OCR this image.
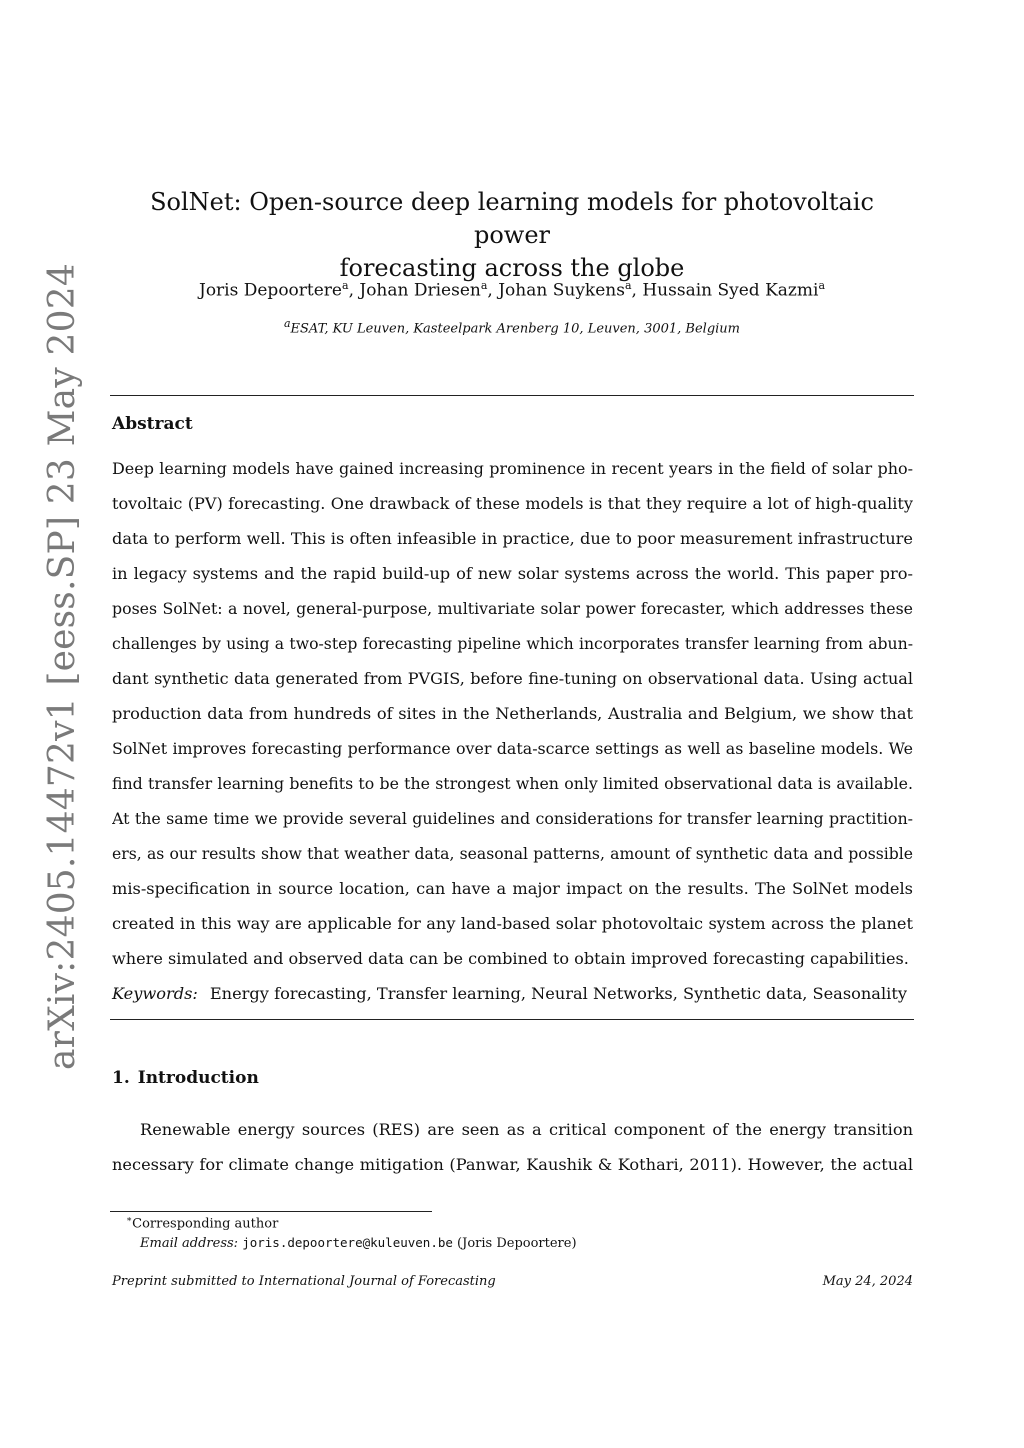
arXiv:2405.14472v1 [eess.SP] 23 May 2024
SolNet: Open-source deep learning models for photovoltaic power
forecasting across the globe
Joris Depoortere$^a$, Johan Driesen$^a$, Johan Suykens$^a$, Hussain Syed Kazmi$^a$
$^a$ESAT, KU Leuven, Kasteelpark Arenberg 10, Leuven, 3001, Belgium
Abstract
Deep learning models have gained increasing prominence in recent years in the field of solar pho-
tovoltaic (PV) forecasting. One drawback of these models is that they require a lot of high-quality
data to perform well. This is often infeasible in practice, due to poor measurement infrastructure
in legacy systems and the rapid build-up of new solar systems across the world. This paper pro-
poses SolNet: a novel, general-purpose, multivariate solar power forecaster, which addresses these
challenges by using a two-step forecasting pipeline which incorporates transfer learning from abun-
dant synthetic data generated from PVGIS, before fine-tuning on observational data. Using actual
production data from hundreds of sites in the Netherlands, Australia and Belgium, we show that
SolNet improves forecasting performance over data-scarce settings as well as baseline models. We
find transfer learning benefits to be the strongest when only limited observational data is available.
At the same time we provide several guidelines and considerations for transfer learning practition-
ers, as our results show that weather data, seasonal patterns, amount of synthetic data and possible
mis-specification in source location, can have a major impact on the results. The SolNet models
created in this way are applicable for any land-based solar photovoltaic system across the planet
where simulated and observed data can be combined to obtain improved forecasting capabilities.
Keywords: Energy forecasting, Transfer learning, Neural Networks, Synthetic data, Seasonality
1. Introduction
Renewable energy sources (RES) are seen as a critical component of the energy transition
necessary for climate change mitigation (Panwar, Kaushik & Kothari, 2011). However, the actual
∗Corresponding author
Email address: joris.depoortere@kuleuven.be (Joris Depoortere)
Preprint submitted to International Journal of Forecasting	May 24, 2024
